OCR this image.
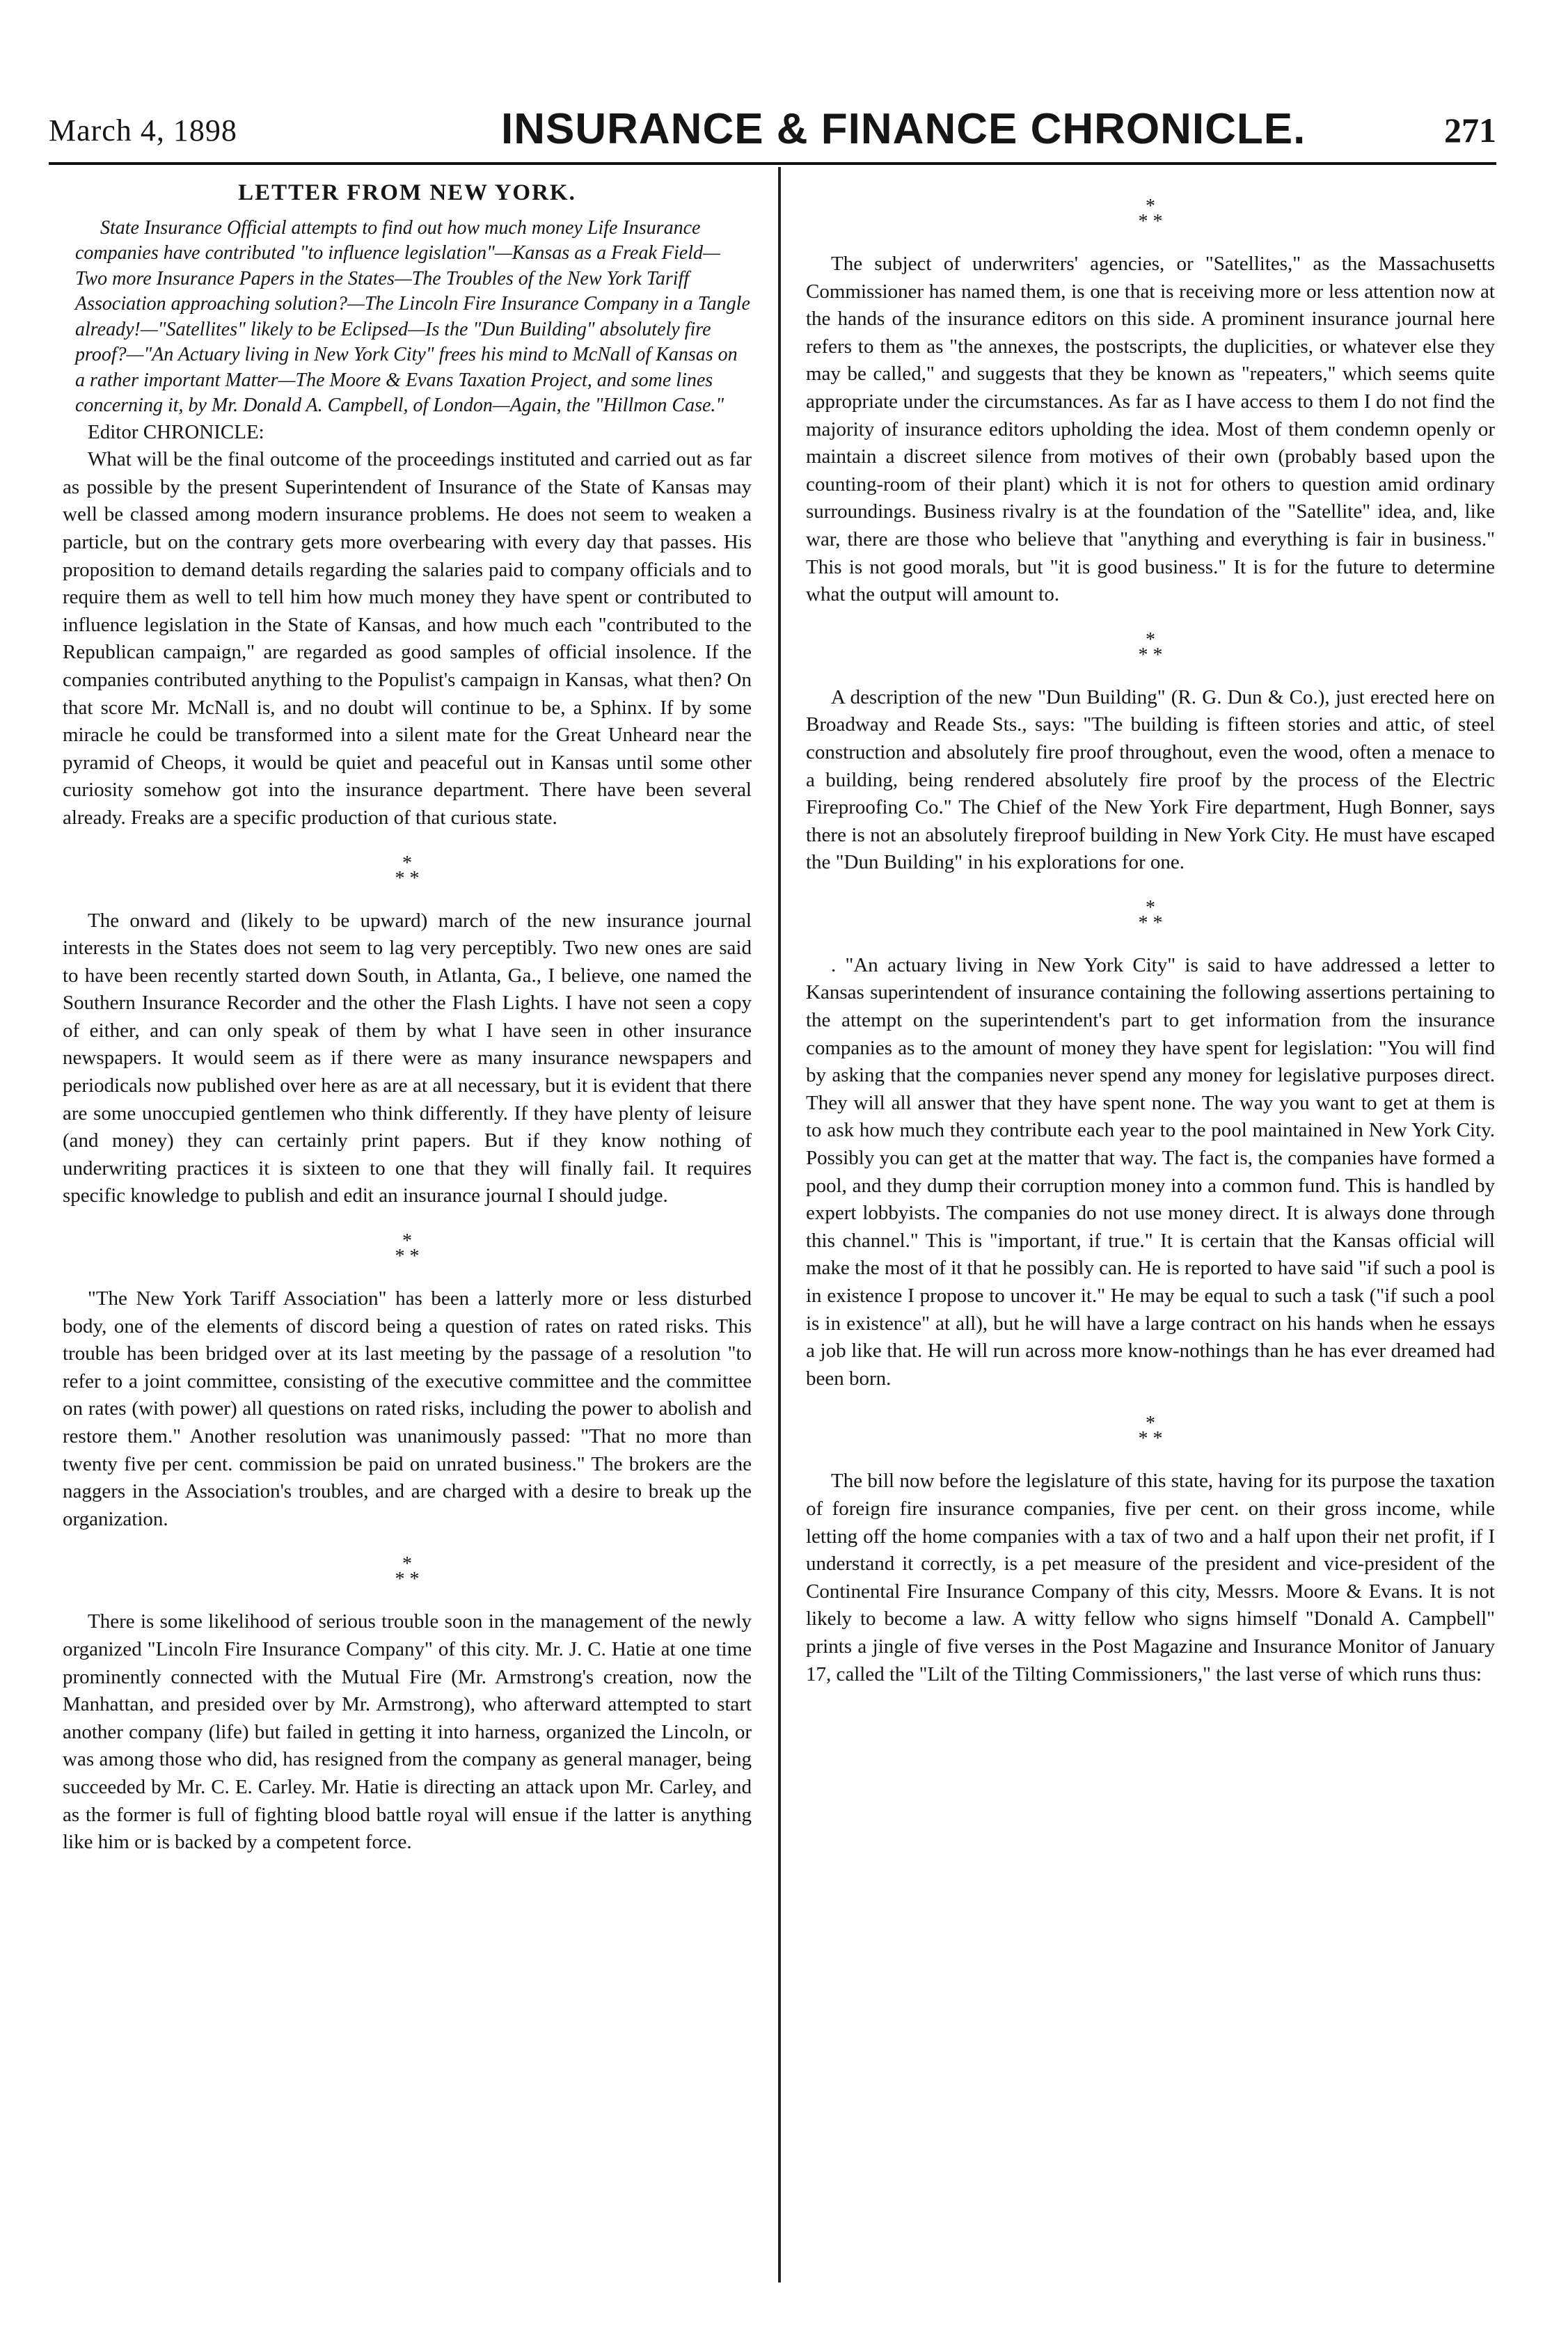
March 4, 1898	INSURANCE & FINANCE CHRONICLE.	271
LETTER FROM NEW YORK.

State Insurance Official attempts to find out how much money Life Insurance companies have contributed "to influence legislation"—Kansas as a Freak Field—Two more Insurance Papers in the States—The Troubles of the New York Tariff Association approaching solution?—The Lincoln Fire Insurance Company in a Tangle already!—"Satellites" likely to be Eclipsed—Is the "Dun Building" absolutely fire proof?—"An Actuary living in New York City" frees his mind to McNall of Kansas on a rather important Matter—The Moore & Evans Taxation Project, and some lines concerning it, by Mr. Donald A. Campbell, of London—Again, the "Hillmon Case."

Editor CHRONICLE:

What will be the final outcome of the proceedings instituted and carried out as far as possible by the present Superintendent of Insurance of the State of Kansas may well be classed among modern insurance problems. He does not seem to weaken a particle, but on the contrary gets more overbearing with every day that passes. His proposition to demand details regarding the salaries paid to company officials and to require them as well to tell him how much money they have spent or contributed to influence legislation in the State of Kansas, and how much each "contributed to the Republican campaign," are regarded as good samples of official insolence. If the companies contributed anything to the Populist's campaign in Kansas, what then? On that score Mr. McNall is, and no doubt will continue to be, a Sphinx. If by some miracle he could be transformed into a silent mate for the Great Unheard near the pyramid of Cheops, it would be quiet and peaceful out in Kansas until some other curiosity somehow got into the insurance department. There have been several already. Freaks are a specific production of that curious state.

*
* *

The onward and (likely to be upward) march of the new insurance journal interests in the States does not seem to lag very perceptibly. Two new ones are said to have been recently started down South, in Atlanta, Ga., I believe, one named the Southern Insurance Recorder and the other the Flash Lights. I have not seen a copy of either, and can only speak of them by what I have seen in other insurance newspapers. It would seem as if there were as many insurance newspapers and periodicals now published over here as are at all necessary, but it is evident that there are some unoccupied gentlemen who think differently. If they have plenty of leisure (and money) they can certainly print papers. But if they know nothing of underwriting practices it is sixteen to one that they will finally fail. It requires specific knowledge to publish and edit an insurance journal I should judge.

*
* *

"The New York Tariff Association" has been a latterly more or less disturbed body, one of the elements of discord being a question of rates on rated risks. This trouble has been bridged over at its last meeting by the passage of a resolution "to refer to a joint committee, consisting of the executive committee and the committee on rates (with power) all questions on rated risks, including the power to abolish and restore them." Another resolution was unanimously passed: "That no more than twenty five per cent. commission be paid on unrated business." The brokers are the naggers in the Association's troubles, and are charged with a desire to break up the organization.

*
* *

There is some likelihood of serious trouble soon in the management of the newly organized "Lincoln Fire Insurance Company" of this city. Mr. J. C. Hatie at one time prominently connected with the Mutual Fire (Mr. Armstrong's creation, now the Manhattan, and presided over by Mr. Armstrong), who afterward attempted to start another company (life) but failed in getting it into harness, organized the Lincoln, or was among those who did, has resigned from the company as general manager, being succeeded by Mr. C. E. Carley. Mr. Hatie is directing an attack upon Mr. Carley, and as the former is full of fighting blood battle royal will ensue if the latter is anything like him or is backed by a competent force.

*
* *

The subject of underwriters' agencies, or "Satellites," as the Massachusetts Commissioner has named them, is one that is receiving more or less attention now at the hands of the insurance editors on this side. A prominent insurance journal here refers to them as "the annexes, the postscripts, the duplicities, or whatever else they may be called," and suggests that they be known as "repeaters," which seems quite appropriate under the circumstances. As far as I have access to them I do not find the majority of insurance editors upholding the idea. Most of them condemn openly or maintain a discreet silence from motives of their own (probably based upon the counting-room of their plant) which it is not for others to question amid ordinary surroundings. Business rivalry is at the foundation of the "Satellite" idea, and, like war, there are those who believe that "anything and everything is fair in business." This is not good morals, but "it is good business." It is for the future to determine what the output will amount to.

*
* *

A description of the new "Dun Building" (R. G. Dun & Co.), just erected here on Broadway and Reade Sts., says: "The building is fifteen stories and attic, of steel construction and absolutely fire proof throughout, even the wood, often a menace to a building, being rendered absolutely fire proof by the process of the Electric Fireproofing Co." The Chief of the New York Fire department, Hugh Bonner, says there is not an absolutely fireproof building in New York City. He must have escaped the "Dun Building" in his explorations for one.

*
* *

. "An actuary living in New York City" is said to have addressed a letter to Kansas superintendent of insurance containing the following assertions pertaining to the attempt on the superintendent's part to get information from the insurance companies as to the amount of money they have spent for legislation: "You will find by asking that the companies never spend any money for legislative purposes direct. They will all answer that they have spent none. The way you want to get at them is to ask how much they contribute each year to the pool maintained in New York City. Possibly you can get at the matter that way. The fact is, the companies have formed a pool, and they dump their corruption money into a common fund. This is handled by expert lobbyists. The companies do not use money direct. It is always done through this channel." This is "important, if true." It is certain that the Kansas official will make the most of it that he possibly can. He is reported to have said "if such a pool is in existence I propose to uncover it." He may be equal to such a task ("if such a pool is in existence" at all), but he will have a large contract on his hands when he essays a job like that. He will run across more know-nothings than he has ever dreamed had been born.

*
* *

The bill now before the legislature of this state, having for its purpose the taxation of foreign fire insurance companies, five per cent. on their gross income, while letting off the home companies with a tax of two and a half upon their net profit, if I understand it correctly, is a pet measure of the president and vice-president of the Continental Fire Insurance Company of this city, Messrs. Moore & Evans. It is not likely to become a law. A witty fellow who signs himself "Donald A. Campbell" prints a jingle of five verses in the Post Magazine and Insurance Monitor of January 17, called the "Lilt of the Tilting Commissioners," the last verse of which runs thus:
